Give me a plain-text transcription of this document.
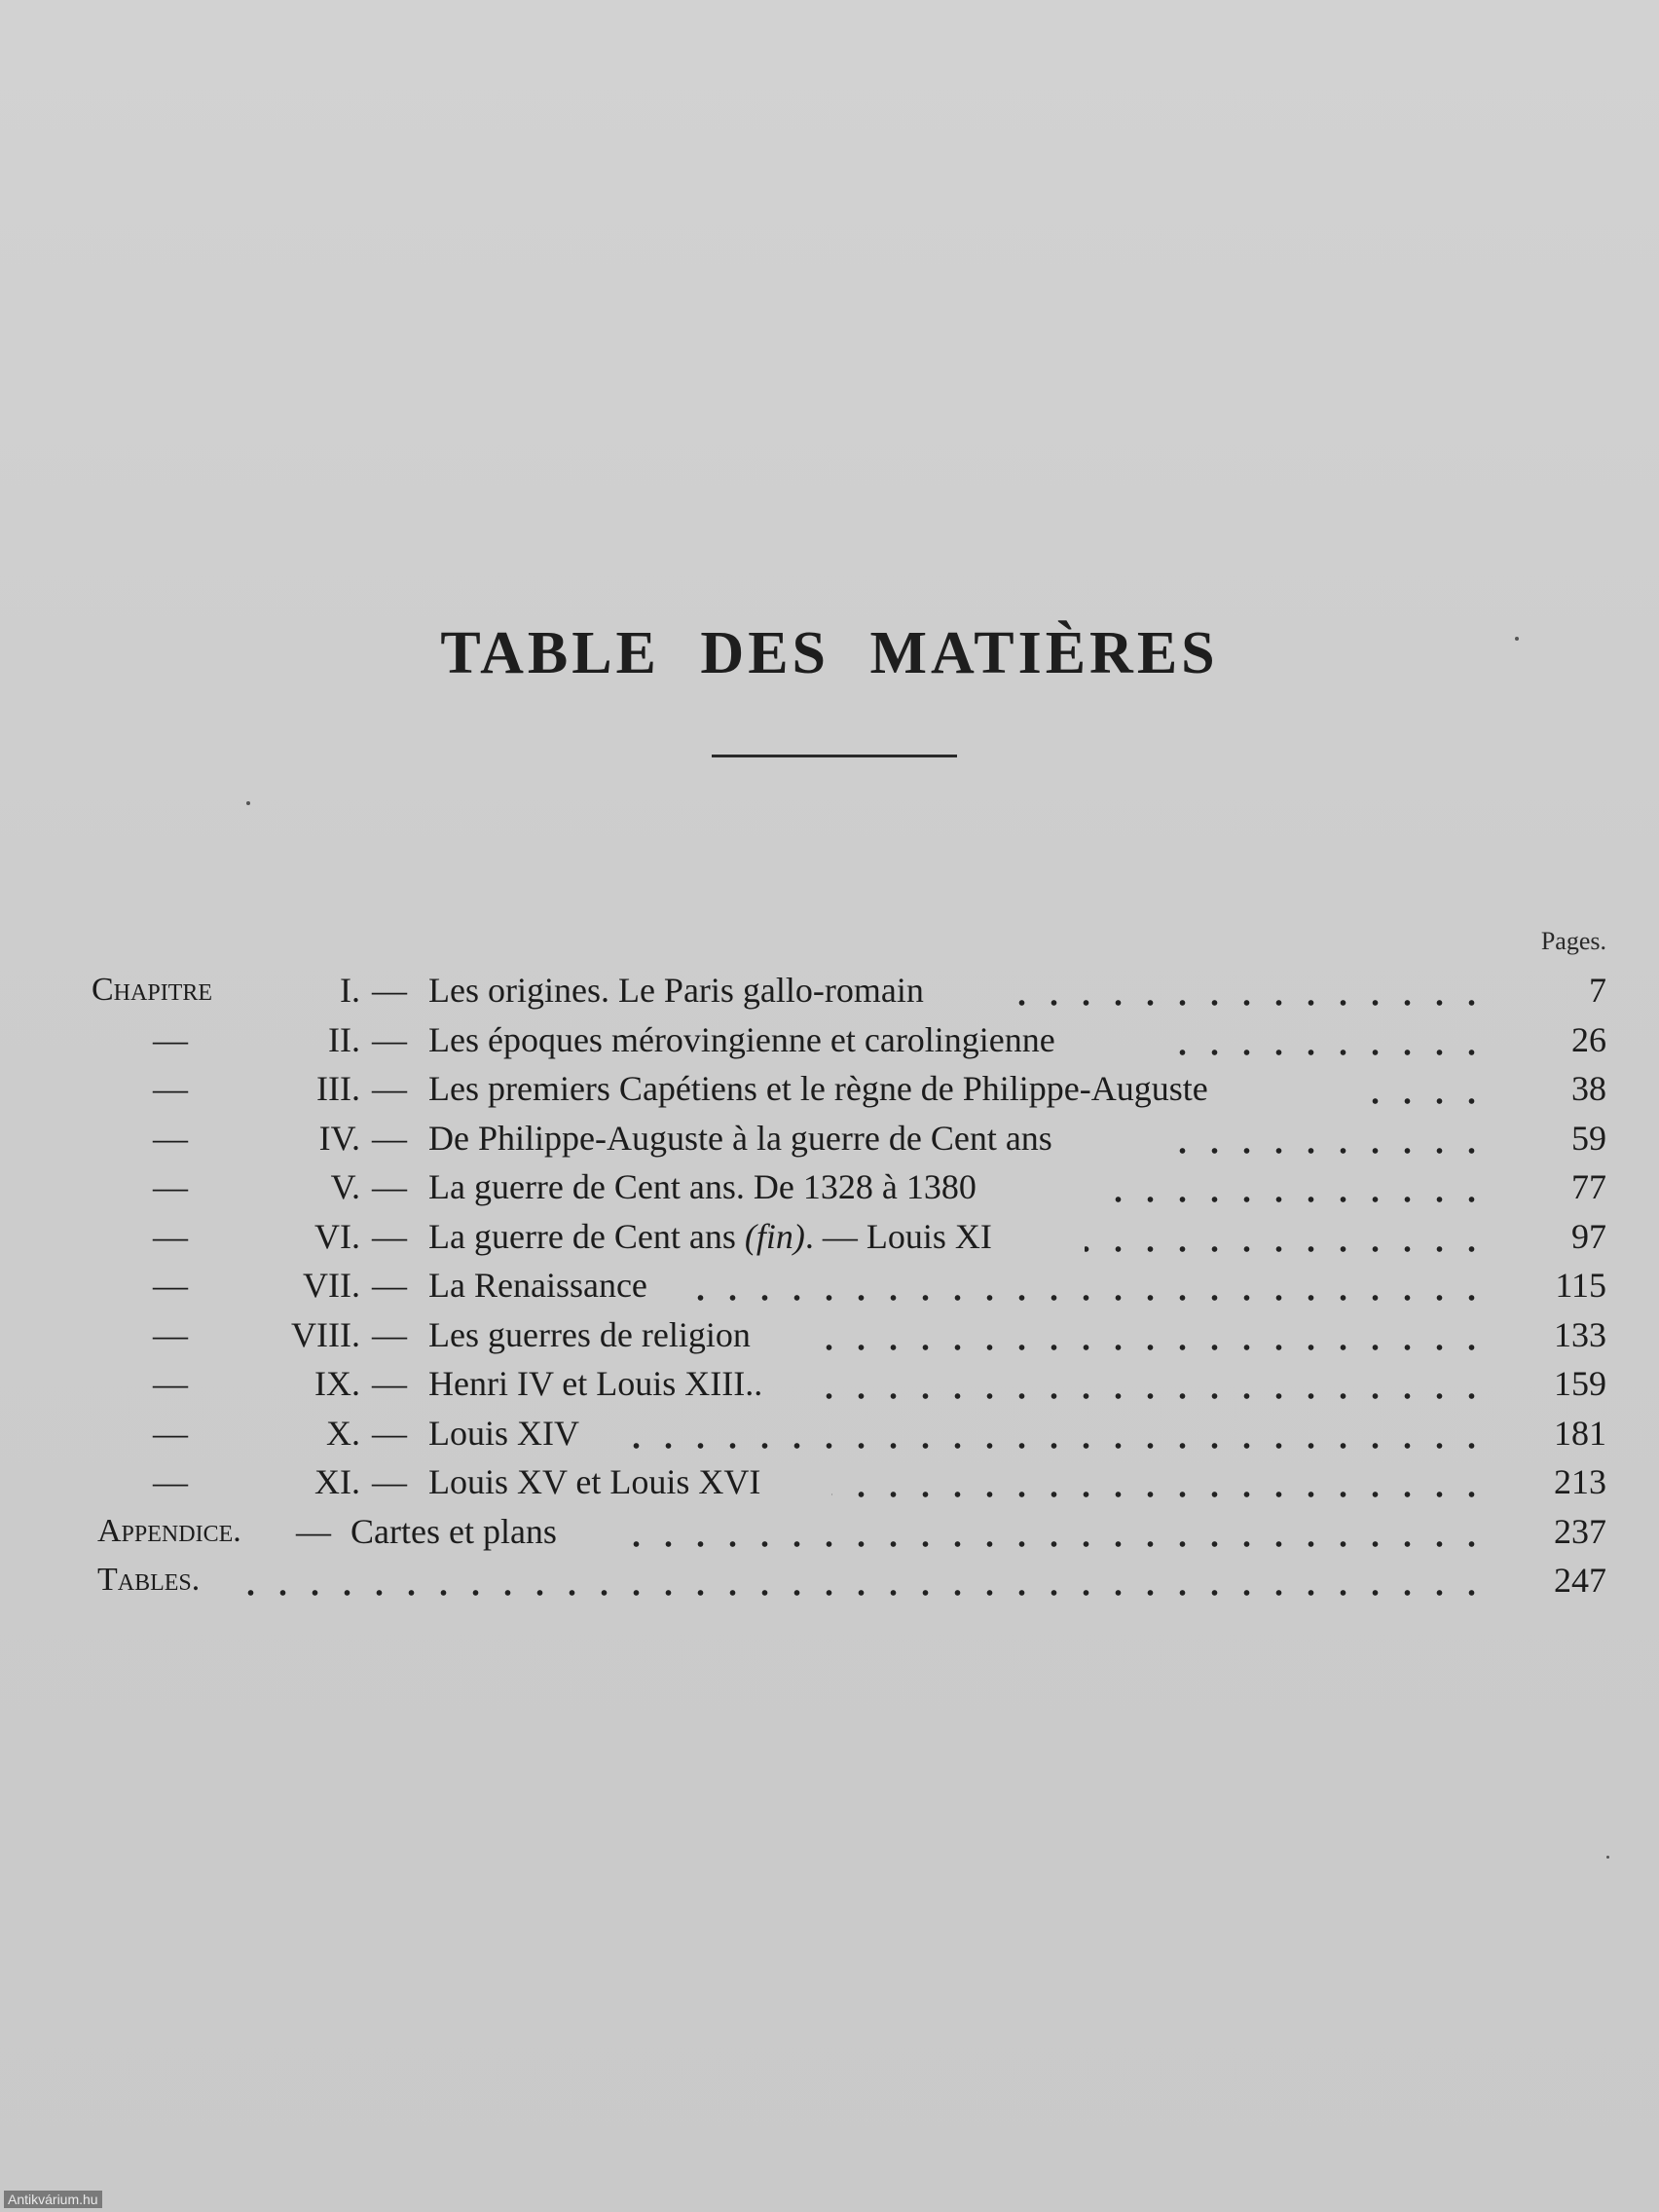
TABLE DES MATIÈRES
Pages.
Chapitre	I. — Les origines. Le Paris gallo-romain	7
—	II. — Les époques mérovingienne et carolingienne	26
—	III. — Les premiers Capétiens et le règne de Philippe-Auguste	38
—	IV. — De Philippe-Auguste à la guerre de Cent ans	59
—	V. — La guerre de Cent ans. De 1328 à 1380	77
—	VI. — La guerre de Cent ans (fin). — Louis XI	97
—	VII. — La Renaissance	115
—	VIII. — Les guerres de religion	133
—	IX. — Henri IV et Louis XIII..	159
—	X. — Louis XIV	181
—	XI. — Louis XV et Louis XVI	213
Appendice. — Cartes et plans	237
Tables.	247
Antikvárium.hu
